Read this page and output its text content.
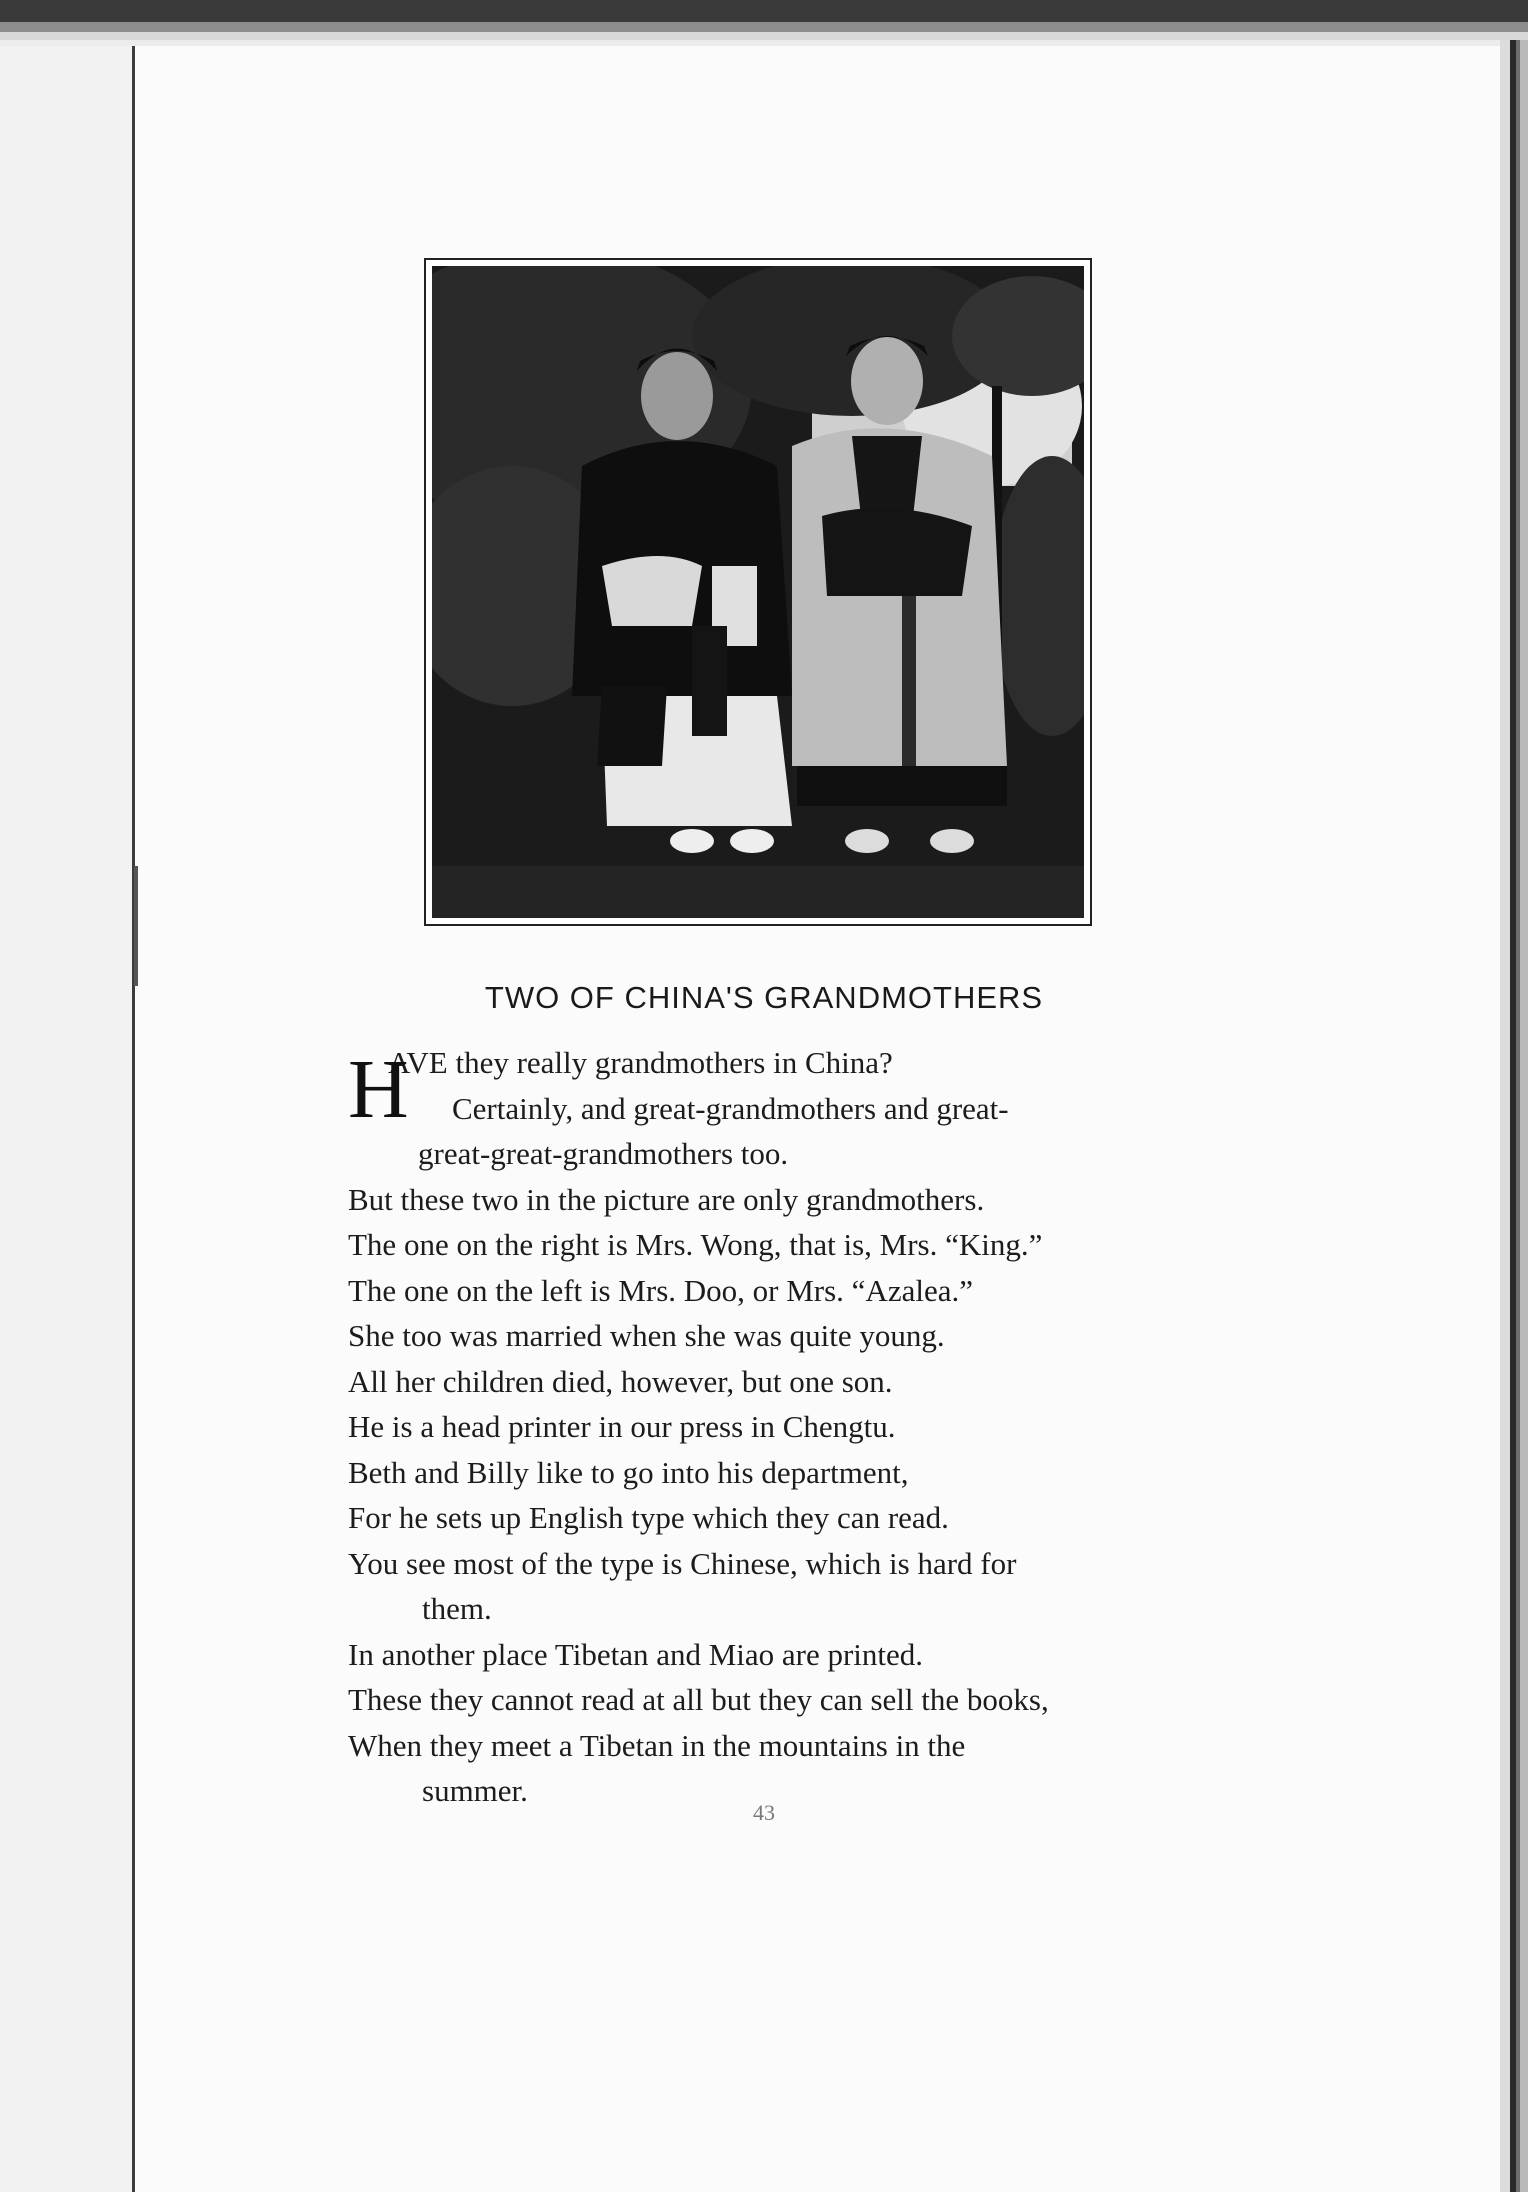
TWO OF CHINA'S GRANDMOTHERS
H
AVE they really grandmothers in China?
Certainly, and great-grandmothers and great-
great-great-grandmothers too.
But these two in the picture are only grandmothers.
The one on the right is Mrs. Wong, that is, Mrs. “King.”
The one on the left is Mrs. Doo, or Mrs. “Azalea.”
She too was married when she was quite young.
All her children died, however, but one son.
He is a head printer in our press in Chengtu.
Beth and Billy like to go into his department,
For he sets up English type which they can read.
You see most of the type is Chinese, which is hard for
them.
In another place Tibetan and Miao are printed.
These they cannot read at all but they can sell the books,
When they meet a Tibetan in the mountains in the
summer.
43
